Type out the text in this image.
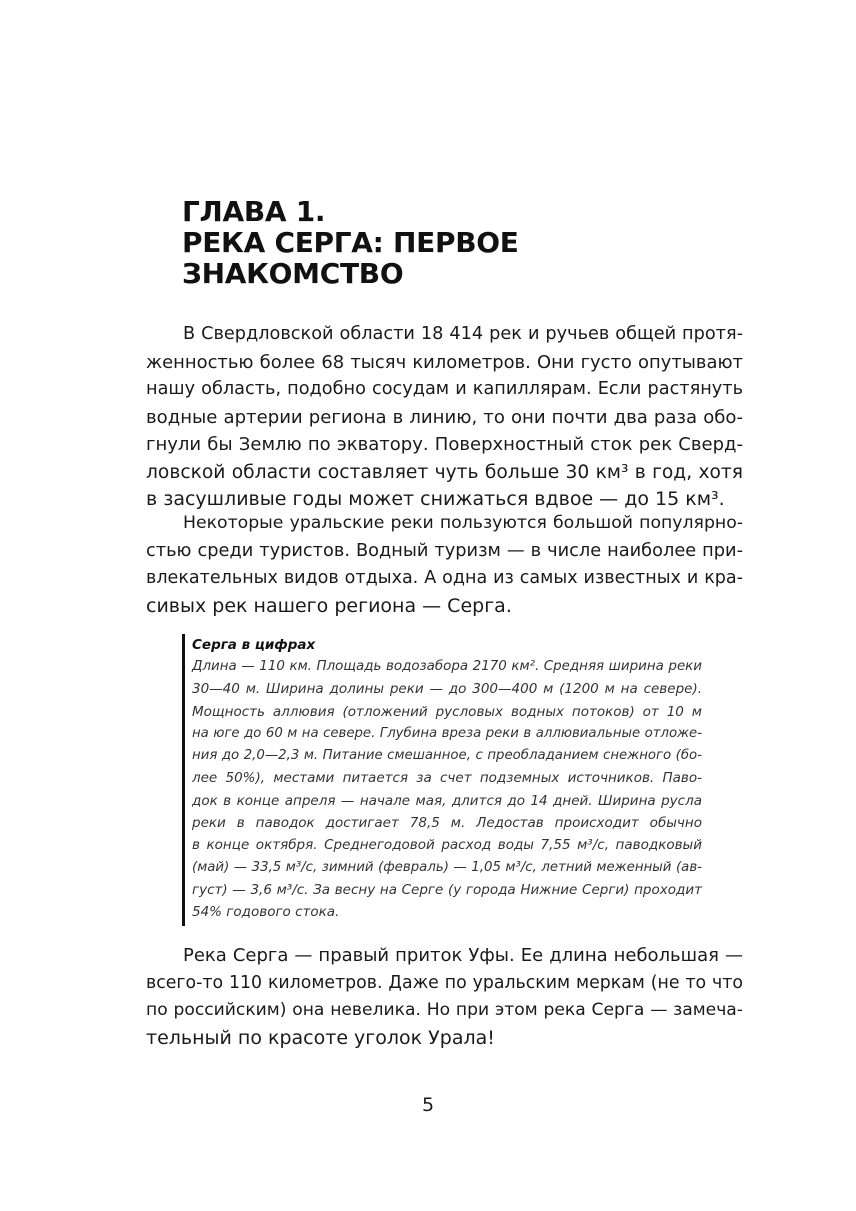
ГЛАВА 1.
РЕКА СЕРГА: ПЕРВОЕ
ЗНАКОМСТВО

В Свердловской области 18 414 рек и ручьев общей протя-
женностью более 68 тысяч километров. Они густо опутывают
нашу область, подобно сосудам и капиллярам. Если растянуть
водные артерии региона в линию, то они почти два раза обо-
гнули бы Землю по экватору. Поверхностный сток рек Сверд-
ловской области составляет чуть больше 30 км³ в год, хотя
в засушливые годы может снижаться вдвое — до 15 км³.

Некоторые уральские реки пользуются большой популярно-
стью среди туристов. Водный туризм — в числе наиболее при-
влекательных видов отдыха. А одна из самых известных и кра-
сивых рек нашего региона — Серга.

Серга в цифрах

Длина — 110 км. Площадь водозабора 2170 км². Средняя ширина реки
30—40 м. Ширина долины реки — до 300—400 м (1200 м на севере).
Мощность аллювия (отложений русловых водных потоков) от 10 м
на юге до 60 м на севере. Глубина вреза реки в аллювиальные отложе-
ния до 2,0—2,3 м. Питание смешанное, с преобладанием снежного (бо-
лее 50%), местами питается за счет подземных источников. Паво-
док в конце апреля — начале мая, длится до 14 дней. Ширина русла
реки в паводок достигает 78,5 м. Ледостав происходит обычно
в конце октября. Среднегодовой расход воды 7,55 м³/с, паводковый
(май) — 33,5 м³/с, зимний (февраль) — 1,05 м³/с, летний меженный (ав-
густ) — 3,6 м³/с. За весну на Серге (у города Нижние Серги) проходит
54% годового стока.

Река Серга — правый приток Уфы. Ее длина небольшая —
всего-то 110 километров. Даже по уральским меркам (не то что
по российским) она невелика. Но при этом река Серга — замеча-
тельный по красоте уголок Урала!

5
